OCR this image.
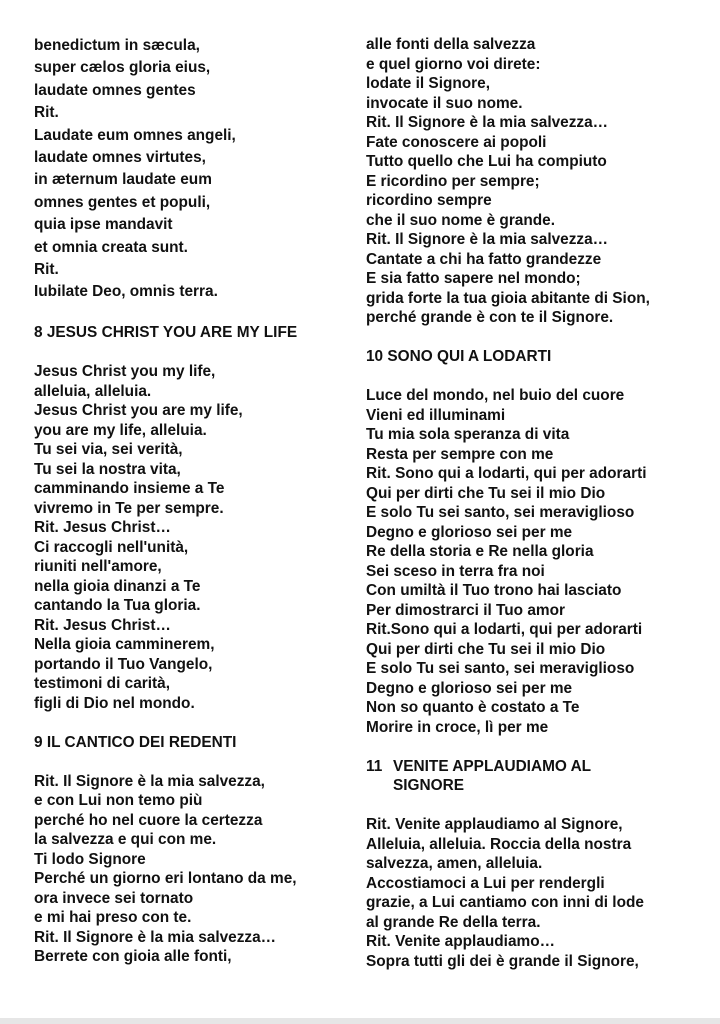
benedictum in sæcula,
super cælos gloria eius,
laudate omnes gentes
Rit.
Laudate eum omnes angeli,
laudate omnes virtutes,
in æternum laudate eum
omnes gentes et populi,
quia ipse mandavit
et omnia creata sunt.
Rit.
Iubilate Deo, omnis terra.
8 JESUS CHRIST YOU ARE MY LIFE
Jesus Christ you my life,
alleluia, alleluia.
Jesus Christ you are my life,
you are my life, alleluia.
Tu sei via, sei verità,
Tu sei la nostra vita,
camminando insieme a Te
vivremo in Te per sempre.
Rit. Jesus Christ…
Ci raccogli nell'unità,
riuniti nell'amore,
nella gioia dinanzi a Te
cantando la Tua gloria.
Rit. Jesus Christ…
Nella gioia camminerem,
portando il Tuo Vangelo,
testimoni di carità,
figli di Dio nel mondo.
9 IL CANTICO DEI REDENTI
Rit. Il Signore è la mia salvezza,
e con Lui non temo più
perché ho nel cuore la certezza
la salvezza e qui con me.
Ti lodo Signore
Perché un giorno eri lontano da me,
ora invece sei tornato
e mi hai preso con te.
Rit. Il Signore è la mia salvezza…
Berrete con gioia alle fonti,
alle fonti della salvezza
e quel giorno voi direte:
lodate il Signore,
invocate il suo nome.
Rit. Il Signore è la mia salvezza…
Fate conoscere ai popoli
Tutto quello che Lui ha compiuto
E ricordino per sempre;
ricordino sempre
che il suo nome è grande.
Rit. Il Signore è la mia salvezza…
Cantate a chi ha fatto grandezze
E sia fatto sapere nel mondo;
grida forte la tua gioia abitante di Sion,
perché grande è con te il Signore.
10 SONO QUI A LODARTI
Luce del mondo, nel buio del cuore
Vieni ed illuminami
Tu mia sola speranza di vita
Resta per sempre con me
Rit. Sono qui a lodarti, qui per adorarti
Qui per dirti che Tu sei il mio Dio
E solo Tu sei santo, sei meraviglioso
Degno e glorioso sei per me
Re della storia e Re nella gloria
Sei sceso in terra fra noi
Con umiltà il Tuo trono hai lasciato
Per dimostrarci il Tuo amor
Rit.Sono qui a lodarti, qui per adorarti
Qui per dirti che Tu sei il mio Dio
E solo Tu sei santo, sei meraviglioso
Degno e glorioso sei per me
Non so quanto è costato a Te
Morire in croce, lì per me
11 VENITE APPLAUDIAMO AL
SIGNORE
Rit. Venite applaudiamo al Signore,
Alleluia, alleluia. Roccia della nostra
salvezza, amen, alleluia.
Accostiamoci a Lui per rendergli
grazie, a Lui cantiamo con inni di lode
al grande Re della terra.
Rit. Venite applaudiamo…
Sopra tutti gli dei è grande il Signore,
